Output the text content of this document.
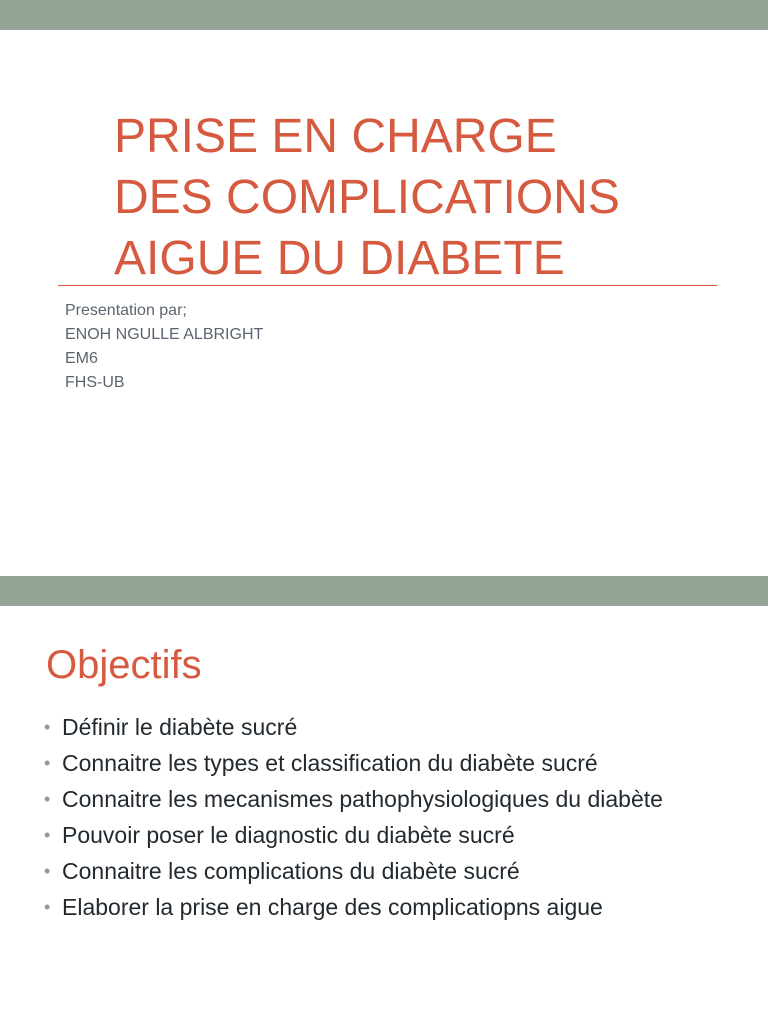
PRISE EN CHARGE
DES COMPLICATIONS
AIGUE DU DIABETE
Presentation par;
ENOH NGULLE ALBRIGHT
EM6
FHS-UB
Objectifs
• Définir le diabète sucré
• Connaitre les types et classification du diabète sucré
• Connaitre les mecanismes pathophysiologiques du diabète
• Pouvoir poser le diagnostic du diabète sucré
• Connaitre les complications du diabète sucré
• Elaborer la prise en charge des complicatiopns aigue
